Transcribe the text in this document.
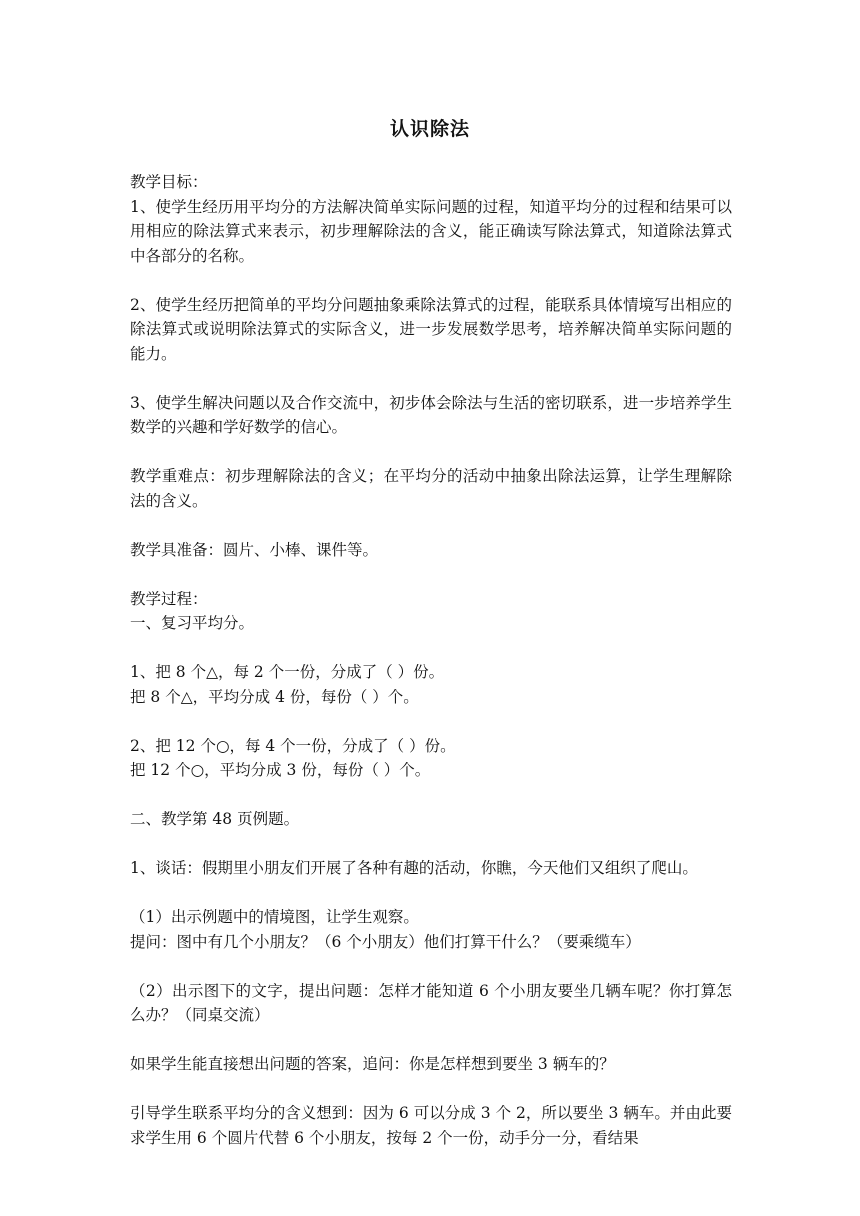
认识除法

教学目标：

1、使学生经历用平均分的方法解决简单实际问题的过程，知道平均分的过程和结果可以用相应的除法算式来表示，初步理解除法的含义，能正确读写除法算式，知道除法算式中各部分的名称。

2、使学生经历把简单的平均分问题抽象乘除法算式的过程，能联系具体情境写出相应的除法算式或说明除法算式的实际含义，进一步发展数学思考，培养解决简单实际问题的能力。

3、使学生解决问题以及合作交流中，初步体会除法与生活的密切联系，进一步培养学生数学的兴趣和学好数学的信心。

教学重难点：初步理解除法的含义；在平均分的活动中抽象出除法运算，让学生理解除法的含义。

教学具准备：圆片、小棒、课件等。

教学过程：

一、复习平均分。

1、把 8 个△，每 2 个一份，分成了（ ）份。

把 8 个△，平均分成 4 份，每份（ ）个。

2、把 12 个○，每 4 个一份，分成了（ ）份。

把 12 个○，平均分成 3 份，每份（ ）个。

二、教学第 48 页例题。

1、谈话：假期里小朋友们开展了各种有趣的活动，你瞧，今天他们又组织了爬山。

（1）出示例题中的情境图，让学生观察。

提问：图中有几个小朋友？（6 个小朋友）他们打算干什么？（要乘缆车）

（2）出示图下的文字，提出问题：怎样才能知道 6 个小朋友要坐几辆车呢？你打算怎么办？（同桌交流）

如果学生能直接想出问题的答案，追问：你是怎样想到要坐 3 辆车的？

引导学生联系平均分的含义想到：因为 6 可以分成 3 个 2，所以要坐 3 辆车。并由此要求学生用 6 个圆片代替 6 个小朋友，按每 2 个一份，动手分一分，看结果
